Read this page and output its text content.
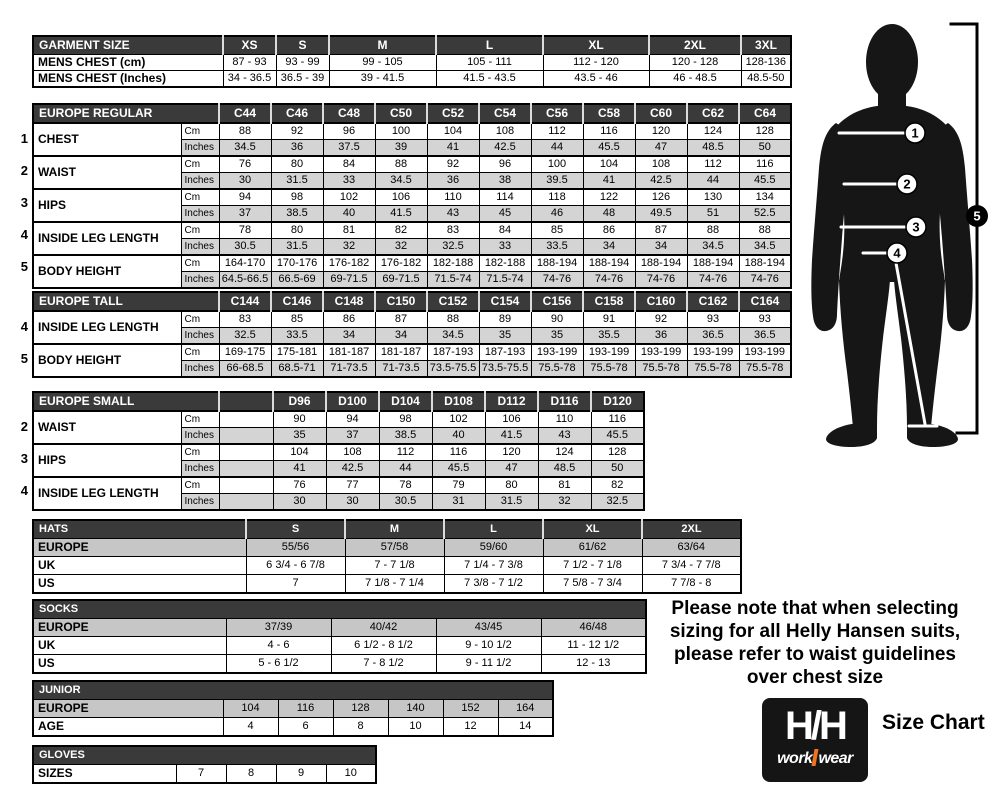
GARMENT SIZE	XS	S	M	L	XL	2XL	3XL
MENS CHEST (cm)	87 - 93	93 - 99	99 - 105	105 - 111	112 - 120	120 - 128	128-136
MENS CHEST (Inches)	34 - 36.5	36.5 - 39	39 - 41.5	41.5 - 43.5	43.5 - 46	46 - 48.5	48.5-50
1
2
3
4
5
EUROPE REGULAR		C44	C46	C48	C50	C52	C54	C56	C58	C60	C62	C64
CHEST	Cm	88	92	96	100	104	108	112	116	120	124	128
	Inches	34.5	36	37.5	39	41	42.5	44	45.5	47	48.5	50
WAIST	Cm	76	80	84	88	92	96	100	104	108	112	116
	Inches	30	31.5	33	34.5	36	38	39.5	41	42.5	44	45.5
HIPS	Cm	94	98	102	106	110	114	118	122	126	130	134
	Inches	37	38.5	40	41.5	43	45	46	48	49.5	51	52.5
INSIDE LEG LENGTH	Cm	78	80	81	82	83	84	85	86	87	88	88
	Inches	30.5	31.5	32	32	32.5	33	33.5	34	34	34.5	34.5
BODY HEIGHT	Cm	164-170	170-176	176-182	176-182	182-188	182-188	188-194	188-194	188-194	188-194	188-194
	Inches	64.5-66.5	66.5-69	69-71.5	69-71.5	71.5-74	71.5-74	74-76	74-76	74-76	74-76	74-76
4
5
EUROPE TALL		C144	C146	C148	C150	C152	C154	C156	C158	C160	C162	C164
INSIDE LEG LENGTH	Cm	83	85	86	87	88	89	90	91	92	93	93
	Inches	32.5	33.5	34	34	34.5	35	35	35.5	36	36.5	36.5
BODY HEIGHT	Cm	169-175	175-181	181-187	181-187	187-193	187-193	193-199	193-199	193-199	193-199	193-199
	Inches	66-68.5	68.5-71	71-73.5	71-73.5	73.5-75.5	73.5-75.5	75.5-78	75.5-78	75.5-78	75.5-78	75.5-78
2
3
4
EUROPE SMALL			D96	D100	D104	D108	D112	D116	D120
WAIST	Cm		90	94	98	102	106	110	116
	Inches		35	37	38.5	40	41.5	43	45.5
HIPS	Cm		104	108	112	116	120	124	128
	Inches		41	42.5	44	45.5	47	48.5	50
INSIDE LEG LENGTH	Cm		76	77	78	79	80	81	82
	Inches		30	30	30.5	31	31.5	32	32.5
HATS	S	M	L	XL	2XL
EUROPE	55/56	57/58	59/60	61/62	63/64
UK	6 3/4 - 6 7/8	7 - 7 1/8	7 1/4 - 7 3/8	7 1/2 - 7 1/8	7 3/4 - 7 7/8
US	7	7 1/8 - 7 1/4	7 3/8 - 7 1/2	7 5/8 - 7 3/4	7 7/8 - 8
SOCKS				
EUROPE	37/39	40/42	43/45	46/48
UK	4 - 6	6 1/2 - 8 1/2	9 - 10 1/2	11 - 12 1/2
US	5 - 6 1/2	7 - 8 1/2	9 - 11 1/2	12 - 13
JUNIOR						
EUROPE	104	116	128	140	152	164
AGE	4	6	8	10	12	14
GLOVES
SIZES	7	8	9	10
Please note that when selecting
sizing for all Helly Hansen suits,
please refer to waist guidelines
over chest size
H/H
work wear
Size Chart
1
2
3
4
5
